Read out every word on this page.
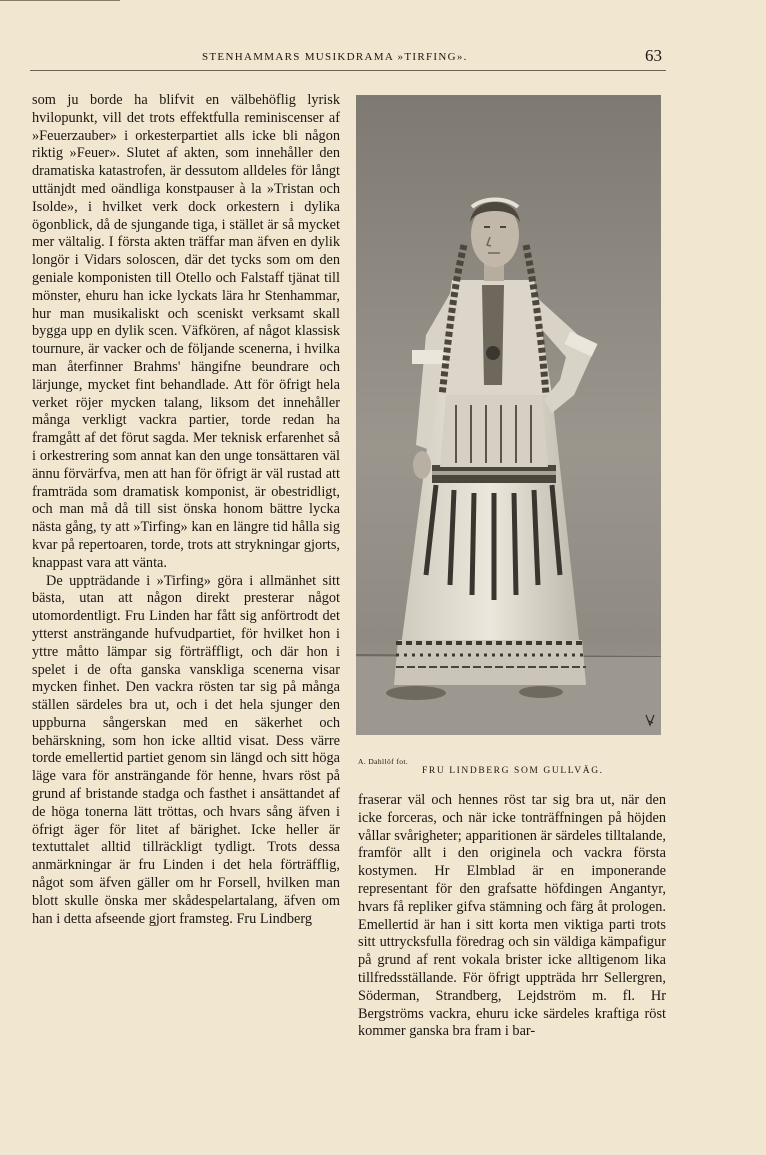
STENHAMMARS MUSIKDRAMA »TIRFING».	63

som ju borde ha blifvit en välbehöflig lyrisk hvilopunkt, vill det trots effektfulla reminiscenser af »Feuerzauber» i orkesterpartiet alls icke bli någon riktig »Feuer». Slutet af akten, som innehåller den dramatiska katastrofen, är dessutom alldeles för långt uttänjdt med oändliga konstpauser à la »Tristan och Isolde», i hvilket verk dock orkestern i dylika ögonblick, då de sjungande tiga, i stället är så mycket mer vältalig. I första akten träffar man äfven en dylik longör i Vidars soloscen, där det tycks som om den geniale komponisten till Otello och Falstaff tjänat till mönster, ehuru han icke lyckats lära hr Stenhammar, hur man musikaliskt och sceniskt verksamt skall bygga upp en dylik scen. Väfkören, af något klassisk tournure, är vacker och de följande scenerna, i hvilka man återfinner Brahms' hängifne beundrare och lärjunge, mycket fint behandlade. Att för öfrigt hela verket röjer mycken talang, liksom det innehåller många verkligt vackra partier, torde redan ha framgått af det förut sagda. Mer teknisk erfarenhet så i orkestrering som annat kan den unge tonsättaren väl ännu förvärfva, men att han för öfrigt är väl rustad att framträda som dramatisk komponist, är obestridligt, och man må då till sist önska honom bättre lycka nästa gång, ty att »Tirfing» kan en längre tid hålla sig kvar på repertoaren, torde, trots att strykningar gjorts, knappast vara att vänta.

De uppträdande i »Tirfing» göra i allmänhet sitt bästa, utan att någon direkt presterar något utomordentligt. Fru Linden har fått sig anförtrodt det ytterst ansträngande hufvudpartiet, för hvilket hon i yttre måtto lämpar sig förträffligt, och där hon i spelet i de ofta ganska vanskliga scenerna visar mycken finhet. Den vackra rösten tar sig på många ställen särdeles bra ut, och i det hela sjunger den uppburna sångerskan med en säkerhet och behärskning, som hon icke alltid visat. Dess värre torde emellertid partiet genom sin längd och sitt höga läge vara för ansträngande för henne, hvars röst på grund af bristande stadga och fasthet i ansättandet af de höga tonerna lätt tröttas, och hvars sång äfven i öfrigt äger för litet af bärighet. Icke heller är textuttalet alltid tillräckligt tydligt. Trots dessa anmärkningar är fru Linden i det hela förträfflig, något som äfven gäller om hr Forsell, hvilken man blott skulle önska mer skådespelartalang, äfven om han i detta afseende gjort framsteg. Fru Lindberg

A. Dahllöf fot.
FRU LINDBERG SOM GULLVÄG.

fraserar väl och hennes röst tar sig bra ut, när den icke forceras, och när icke tonträffningen på höjden vållar svårigheter; apparitionen är särdeles tilltalande, framför allt i den originela och vackra första kostymen. Hr Elmblad är en imponerande representant för den grafsatte höfdingen Angantyr, hvars få repliker gifva stämning och färg åt prologen. Emellertid är han i sitt korta men viktiga parti trots sitt uttrycksfulla föredrag och sin väldiga kämpafigur på grund af rent vokala brister icke alltigenom lika tillfredsställande. För öfrigt uppträda hrr Sellergren, Söderman, Strandberg, Lejdström m. fl. Hr Bergströms vackra, ehuru icke särdeles kraftiga röst kommer ganska bra fram i bar-
